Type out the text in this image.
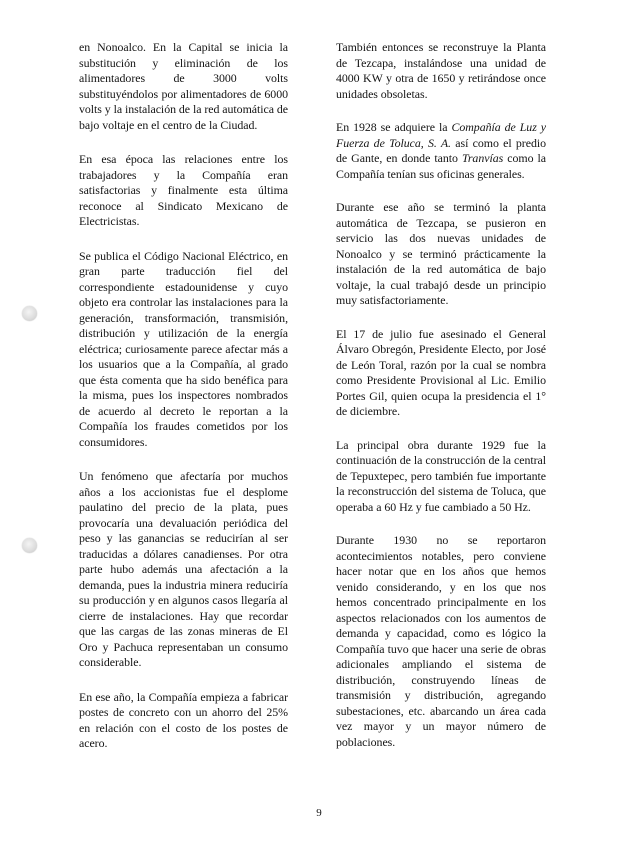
en Nonoalco. En la Capital se inicia la substitución y eliminación de los alimentadores de 3000 volts substituyéndolos por alimentadores de 6000 volts y la instalación de la red automática de bajo voltaje en el centro de la Ciudad.

En esa época las relaciones entre los trabajadores y la Compañía eran satisfactorias y finalmente esta última reconoce al Sindicato Mexicano de Electricistas.

Se publica el Código Nacional Eléctrico, en gran parte traducción fiel del correspondiente estadounidense y cuyo objeto era controlar las instalaciones para la generación, transformación, transmisión, distribución y utilización de la energía eléctrica; curiosamente parece afectar más a los usuarios que a la Compañía, al grado que ésta comenta que ha sido benéfica para la misma, pues los inspectores nombrados de acuerdo al decreto le reportan a la Compañía los fraudes cometidos por los consumidores.

Un fenómeno que afectaría por muchos años a los accionistas fue el desplome paulatino del precio de la plata, pues provocaría una devaluación periódica del peso y las ganancias se reducirían al ser traducidas a dólares canadienses. Por otra parte hubo además una afectación a la demanda, pues la industria minera reduciría su producción y en algunos casos llegaría al cierre de instalaciones. Hay que recordar que las cargas de las zonas mineras de El Oro y Pachuca representaban un consumo considerable.

En ese año, la Compañía empieza a fabricar postes de concreto con un ahorro del 25% en relación con el costo de los postes de acero.

También entonces se reconstruye la Planta de Tezcapa, instalándose una unidad de 4000 KW y otra de 1650 y retirándose once unidades obsoletas.

En 1928 se adquiere la Compañía de Luz y Fuerza de Toluca, S. A. así como el predio de Gante, en donde tanto Tranvías como la Compañía tenían sus oficinas generales.

Durante ese año se terminó la planta automática de Tezcapa, se pusieron en servicio las dos nuevas unidades de Nonoalco y se terminó prácticamente la instalación de la red automática de bajo voltaje, la cual trabajó desde un principio muy satisfactoriamente.

El 17 de julio fue asesinado el General Álvaro Obregón, Presidente Electo, por José de León Toral, razón por la cual se nombra como Presidente Provisional al Lic. Emilio Portes Gil, quien ocupa la presidencia el 1° de diciembre.

La principal obra durante 1929 fue la continuación de la construcción de la central de Tepuxtepec, pero también fue importante la reconstrucción del sistema de Toluca, que operaba a 60 Hz y fue cambiado a 50 Hz.

Durante 1930 no se reportaron acontecimientos notables, pero conviene hacer notar que en los años que hemos venido considerando, y en los que nos hemos concentrado principalmente en los aspectos relacionados con los aumentos de demanda y capacidad, como es lógico la Compañía tuvo que hacer una serie de obras adicionales ampliando el sistema de distribución, construyendo líneas de transmisión y distribución, agregando subestaciones, etc. abarcando un área cada vez mayor y un mayor número de poblaciones.

9
